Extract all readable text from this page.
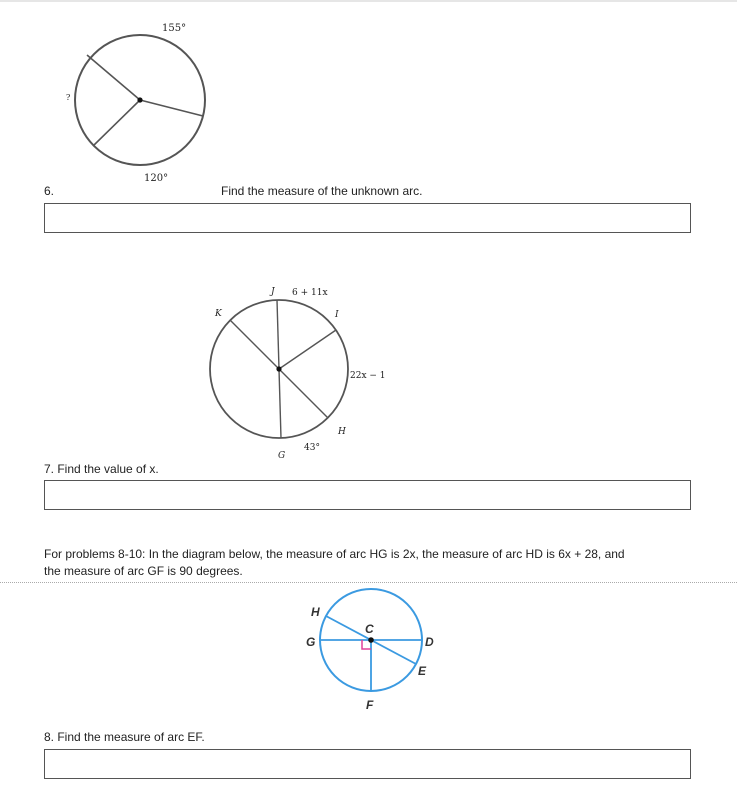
155°
120°
?
6.	Find the measure of the unknown arc.
J 6 + 11x
K	I
22x − 1
H
43°
G
7. Find the value of x.
For problems 8-10: In the diagram below, the measure of arc HG is 2x, the measure of arc HD is 6x + 28, and
the measure of arc GF is 90 degrees.
H
G
C
D
E
F
8. Find the measure of arc EF.
